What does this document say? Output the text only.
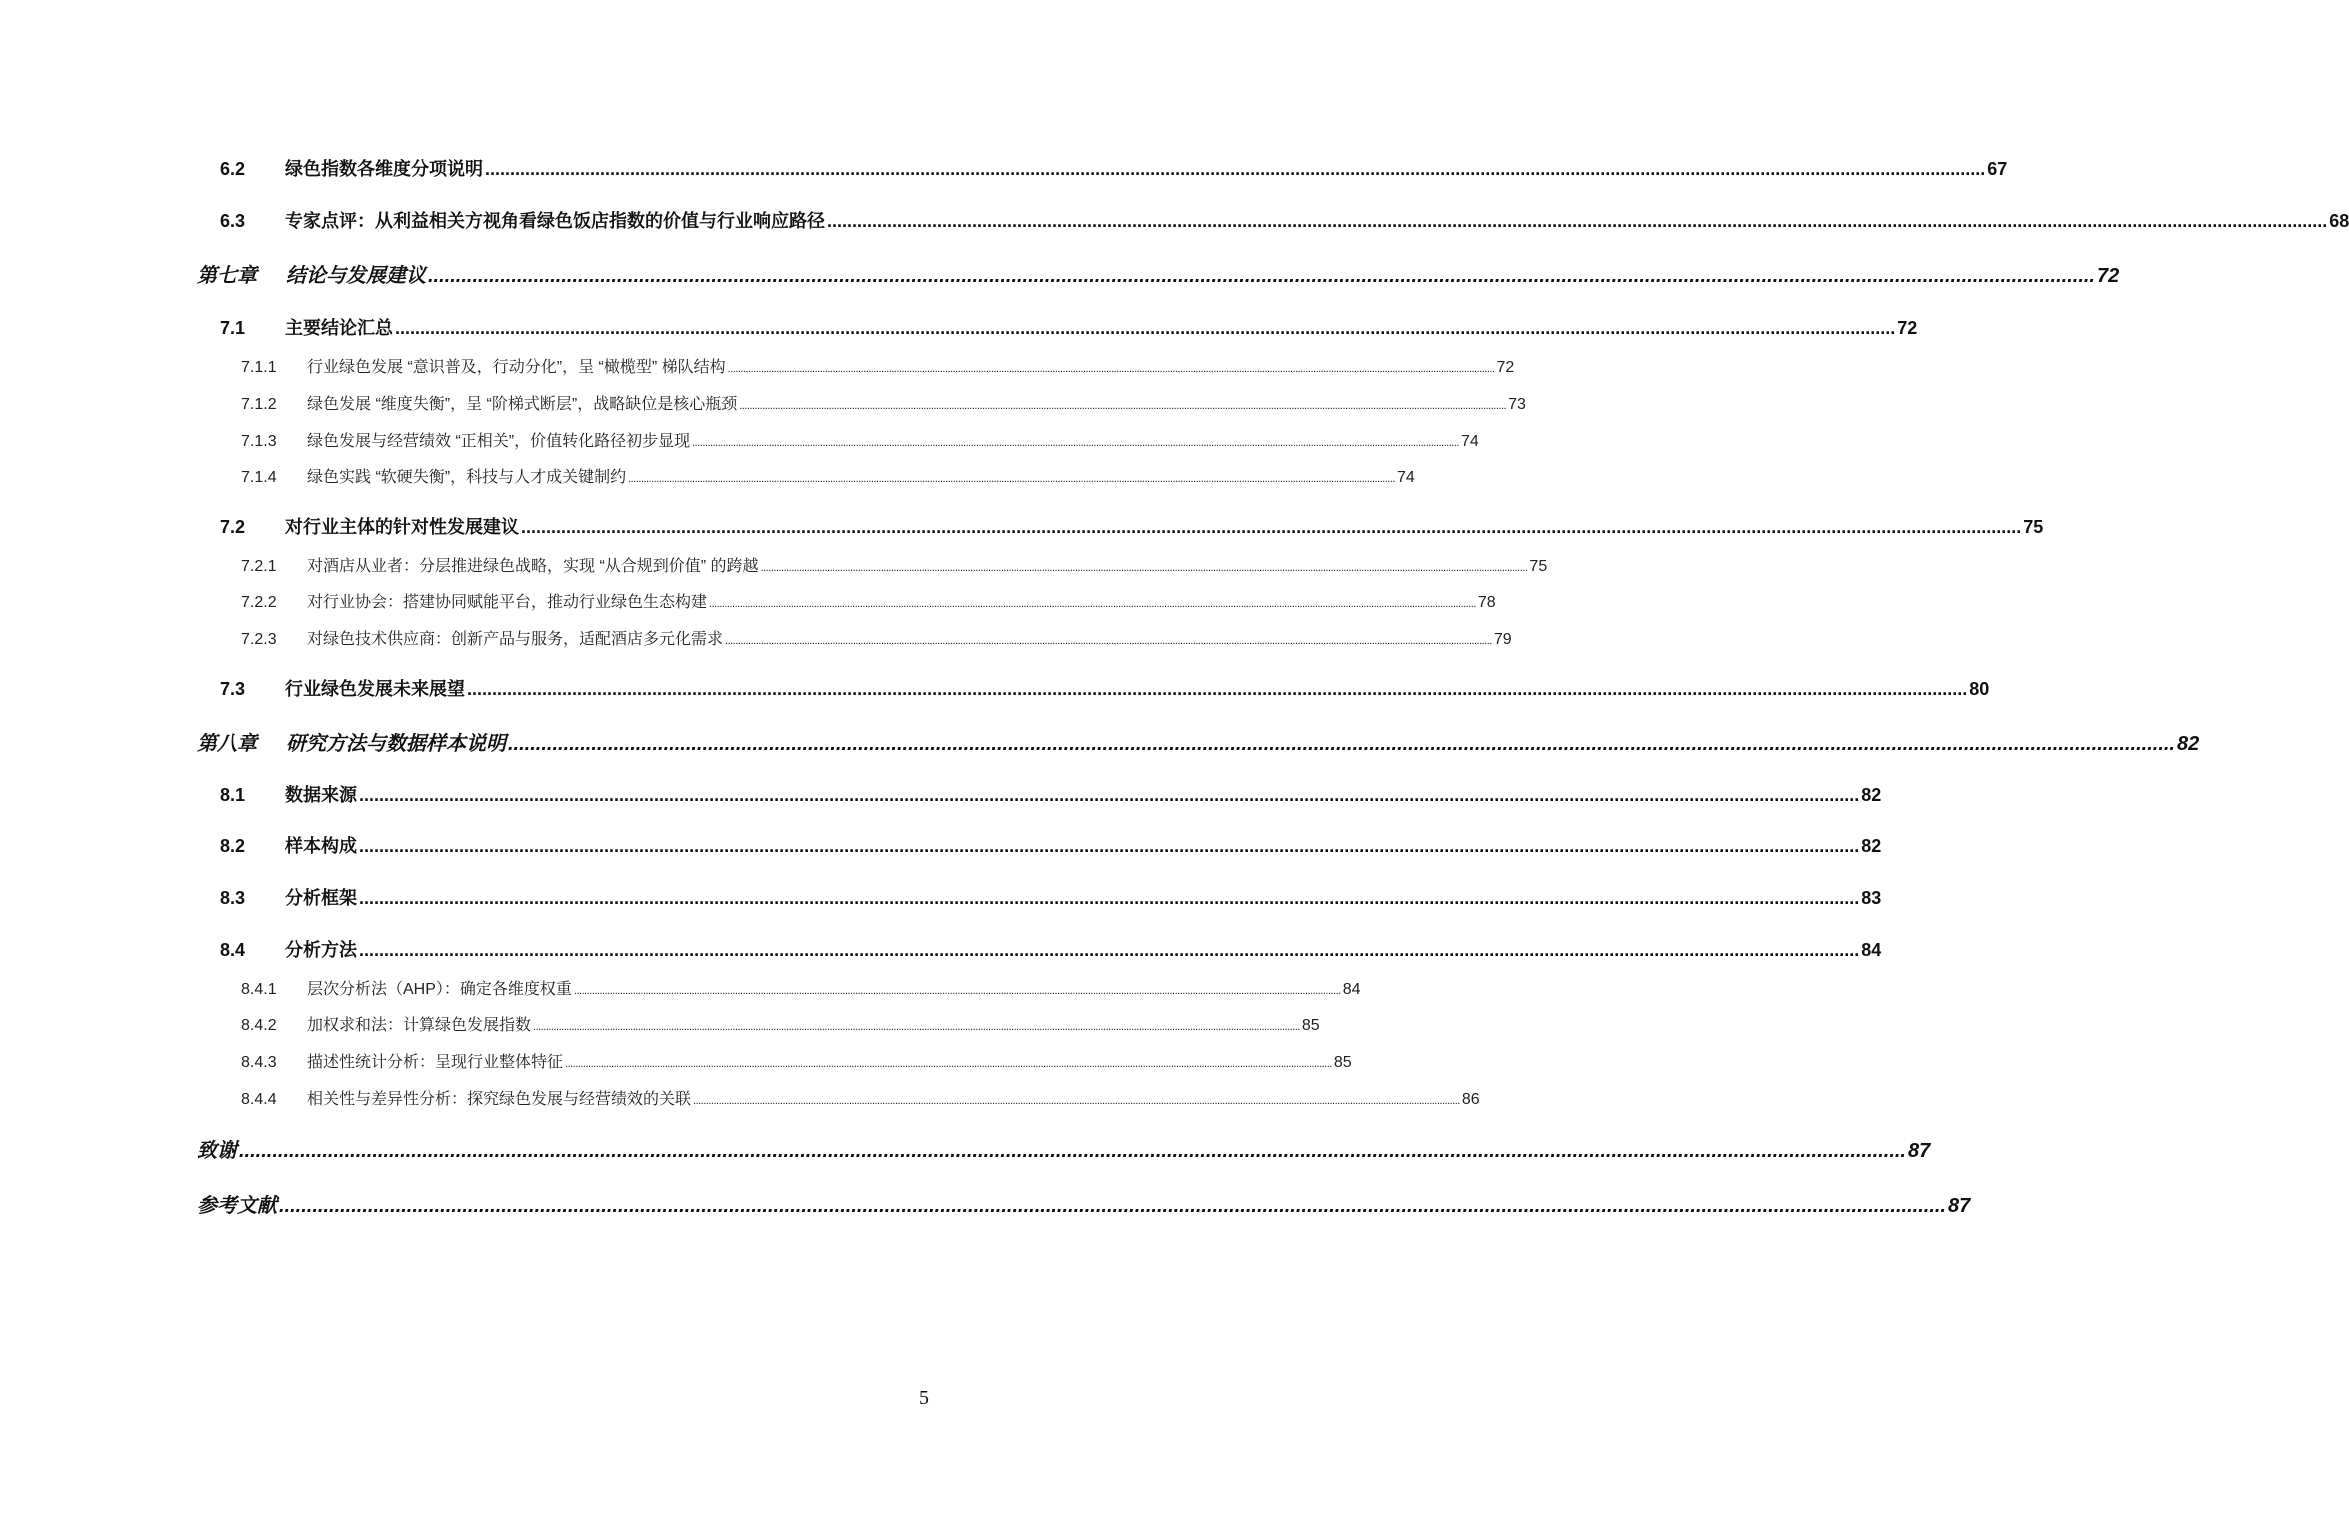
6.2	绿色指数各维度分项说明 ............................................................................................................................................................................................................................................................................................................ 67
6.3	专家点评：从利益相关方视角看绿色饭店指数的价值与行业响应路径 ............................................................................................................................................................................................................................................................................................................ 68
第七章	结论与发展建议 ............................................................................................................................................................................................................................................................................................................ 72
7.1	主要结论汇总 ............................................................................................................................................................................................................................................................................................................ 72
7.1.1	行业绿色发展 “意识普及，行动分化”，呈 “橄榄型” 梯队结构 ............................................................................................................................................................................................................................................................................................................ 72
7.1.2	绿色发展 “维度失衡”，呈 “阶梯式断层”，战略缺位是核心瓶颈 ............................................................................................................................................................................................................................................................................................................ 73
7.1.3	绿色发展与经营绩效 “正相关”，价值转化路径初步显现 ............................................................................................................................................................................................................................................................................................................ 74
7.1.4	绿色实践 “软硬失衡”，科技与人才成关键制约 ............................................................................................................................................................................................................................................................................................................ 74
7.2	对行业主体的针对性发展建议 ............................................................................................................................................................................................................................................................................................................ 75
7.2.1	对酒店从业者：分层推进绿色战略，实现 “从合规到价值” 的跨越 ............................................................................................................................................................................................................................................................................................................ 75
7.2.2	对行业协会：搭建协同赋能平台，推动行业绿色生态构建 ............................................................................................................................................................................................................................................................................................................ 78
7.2.3	对绿色技术供应商：创新产品与服务，适配酒店多元化需求 ............................................................................................................................................................................................................................................................................................................ 79
7.3	行业绿色发展未来展望 ............................................................................................................................................................................................................................................................................................................ 80
第八章	研究方法与数据样本说明 ............................................................................................................................................................................................................................................................................................................ 82
8.1	数据来源 ............................................................................................................................................................................................................................................................................................................ 82
8.2	样本构成 ............................................................................................................................................................................................................................................................................................................ 82
8.3	分析框架 ............................................................................................................................................................................................................................................................................................................ 83
8.4	分析方法 ............................................................................................................................................................................................................................................................................................................ 84
8.4.1	层次分析法（AHP）：确定各维度权重 ............................................................................................................................................................................................................................................................................................................ 84
8.4.2	加权求和法：计算绿色发展指数 ............................................................................................................................................................................................................................................................................................................ 85
8.4.3	描述性统计分析：呈现行业整体特征 ............................................................................................................................................................................................................................................................................................................ 85
8.4.4	相关性与差异性分析：探究绿色发展与经营绩效的关联 ............................................................................................................................................................................................................................................................................................................ 86
致谢 ............................................................................................................................................................................................................................................................................................................ 87
参考文献 ............................................................................................................................................................................................................................................................................................................ 87
5
